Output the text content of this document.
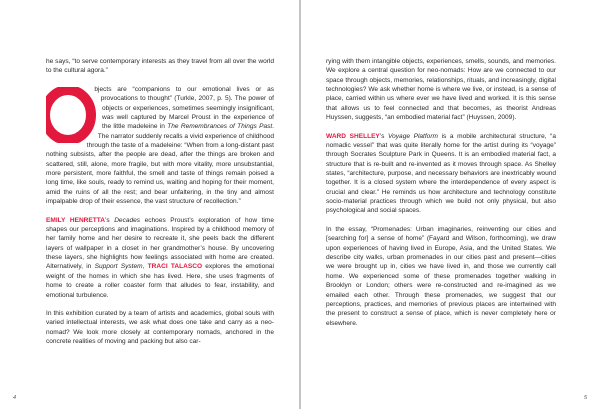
he says, “to serve contemporary interests as they travel from all over the world to the cultural agora.”

bjects are “companions to our emotional lives or as provocations to thought” (Turkle, 2007, p. 5). The power of objects or experiences, sometimes seemingly insignificant, was well captured by Marcel Proust in the experience of the little madeleine in The Remembrances of Things Past. The narrator suddenly recalls a vivid experience of childhood through the taste of a madeleine: “When from a long-distant past nothing subsists, after the people are dead, after the things are broken and scattered, still, alone, more fragile, but with more vitality, more unsubstantial, more persistent, more faithful, the smell and taste of things remain poised a long time, like souls, ready to remind us, waiting and hoping for their moment, amid the ruins of all the rest; and bear unfaltering, in the tiny and almost impalpable drop of their essence, the vast structure of recollection.”

EMILY HENRETTA’s Decades echoes Proust’s exploration of how time shapes our perceptions and imaginations. Inspired by a childhood memory of her family home and her desire to recreate it, she peels back the different layers of wallpaper in a closet in her grandmother’s house. By uncovering these layers, she highlights how feelings associated with home are created. Alternatively, in Support System, TRACI TALASCO explores the emotional weight of the homes in which she has lived. Here, she uses fragments of home to create a roller coaster form that alludes to fear, instability, and emotional turbulence.

In this exhibition curated by a team of artists and academics, global souls with varied intellectual interests, we ask what does one take and carry as a neo-nomad? We look more closely at contemporary nomads, anchored in the concrete realities of moving and packing but also car-

4

rying with them intangible objects, experiences, smells, sounds, and memories. We explore a central question for neo-nomads: How are we connected to our space through objects, memories, relationships, rituals, and increasingly, digital technologies? We ask whether home is where we live, or instead, is a sense of place, carried within us where ever we have lived and worked. It is this sense that allows us to feel connected and that becomes, as theorist Andreas Huyssen, suggests, “an embodied material fact” (Huyssen, 2009).

WARD SHELLEY’s Voyage Platform is a mobile architectural structure, “a nomadic vessel” that was quite literally home for the artist during its “voyage” through Socrates Sculpture Park in Queens. It is an embodied material fact, a structure that is re-built and re-invented as it moves through space. As Shelley states, “architecture, purpose, and necessary behaviors are inextricably wound together. It is a closed system where the interdependence of every aspect is crucial and clear.” He reminds us how architecture and technology constitute socio-material practices through which we build not only physical, but also psychological and social spaces.

In the essay, “Promenades: Urban imaginaries, reinventing our cities and [searching for] a sense of home” (Fayard and Wilson, forthcoming), we draw upon experiences of having lived in Europe, Asia, and the United States. We describe city walks, urban promenades in our cities past and present—cities we were brought up in, cities we have lived in, and those we currently call home. We experienced some of these promenades together walking in Brooklyn or London; others were re-constructed and re-imagined as we emailed each other. Through these promenades, we suggest that our perceptions, practices, and memories of previous places are intertwined with the present to construct a sense of place, which is never completely here or elsewhere.

5
